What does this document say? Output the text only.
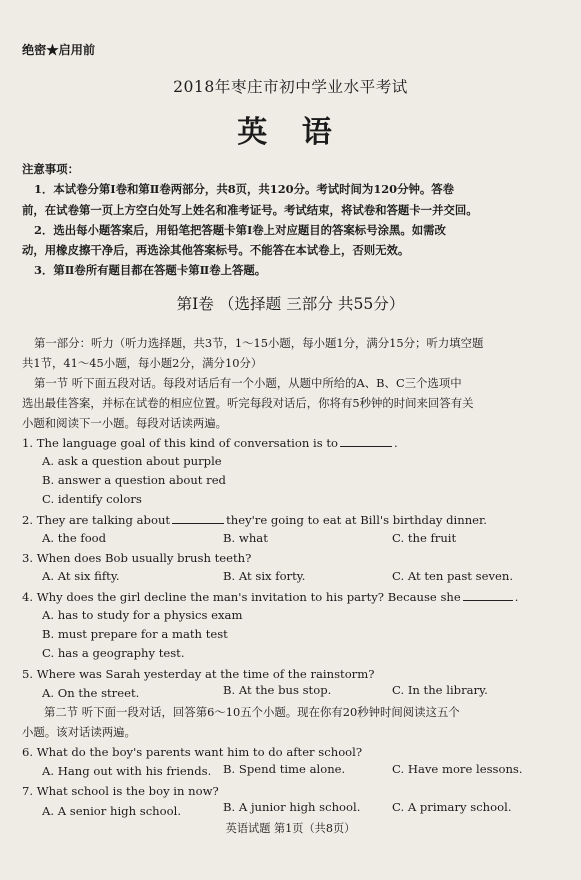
绝密★启用前
2018年枣庄市初中学业水平考试
英 语
注意事项：
1．本试卷分第Ⅰ卷和第Ⅱ卷两部分，共8页，共120分。考试时间为120分钟。答卷
前，在试卷第一页上方空白处写上姓名和准考证号。考试结束，将试卷和答题卡一并交回。
2．选出每小题答案后，用铅笔把答题卡第Ⅰ卷上对应题目的答案标号涂黑。如需改
动，用橡皮擦干净后，再选涂其他答案标号。不能答在本试卷上，否则无效。
3．第Ⅱ卷所有题目都在答题卡第Ⅱ卷上答题。
第Ⅰ卷 （选择题 三部分 共55分）
第一部分：听力（听力选择题，共3节，1～15小题，每小题1分，满分15分；听力填空题
共1节，41～45小题，每小题2分，满分10分）
第一节 听下面五段对话。每段对话后有一个小题，从题中所给的A、B、C三个选项中
选出最佳答案，并标在试卷的相应位置。听完每段对话后，你将有5秒钟的时间来回答有关
小题和阅读下一小题。每段对话读两遍。
1. The language goal of this kind of conversation is to	.
A. ask a question about purple
B. answer a question about red
C. identify colors
2. They are talking about	they're going to eat at Bill's birthday dinner.
A. the food	B. what	C. the fruit
3. When does Bob usually brush teeth?
A. At six fifty.	B. At six forty.	C. At ten past seven.
4. Why does the girl decline the man's invitation to his party? Because she	.
A. has to study for a physics exam
B. must prepare for a math test
C. has a geography test.
5. Where was Sarah yesterday at the time of the rainstorm?
A. On the street.	B. At the bus stop.	C. In the library.
第二节 听下面一段对话，回答第6～10五个小题。现在你有20秒钟时间阅读这五个
小题。该对话读两遍。
6. What do the boy's parents want him to do after school?
A. Hang out with his friends. B. Spend time alone.	C. Have more lessons.
7. What school is the boy in now?
A. A senior high school.	B. A junior high school.	C. A primary school.
英语试题 第1页（共8页）
